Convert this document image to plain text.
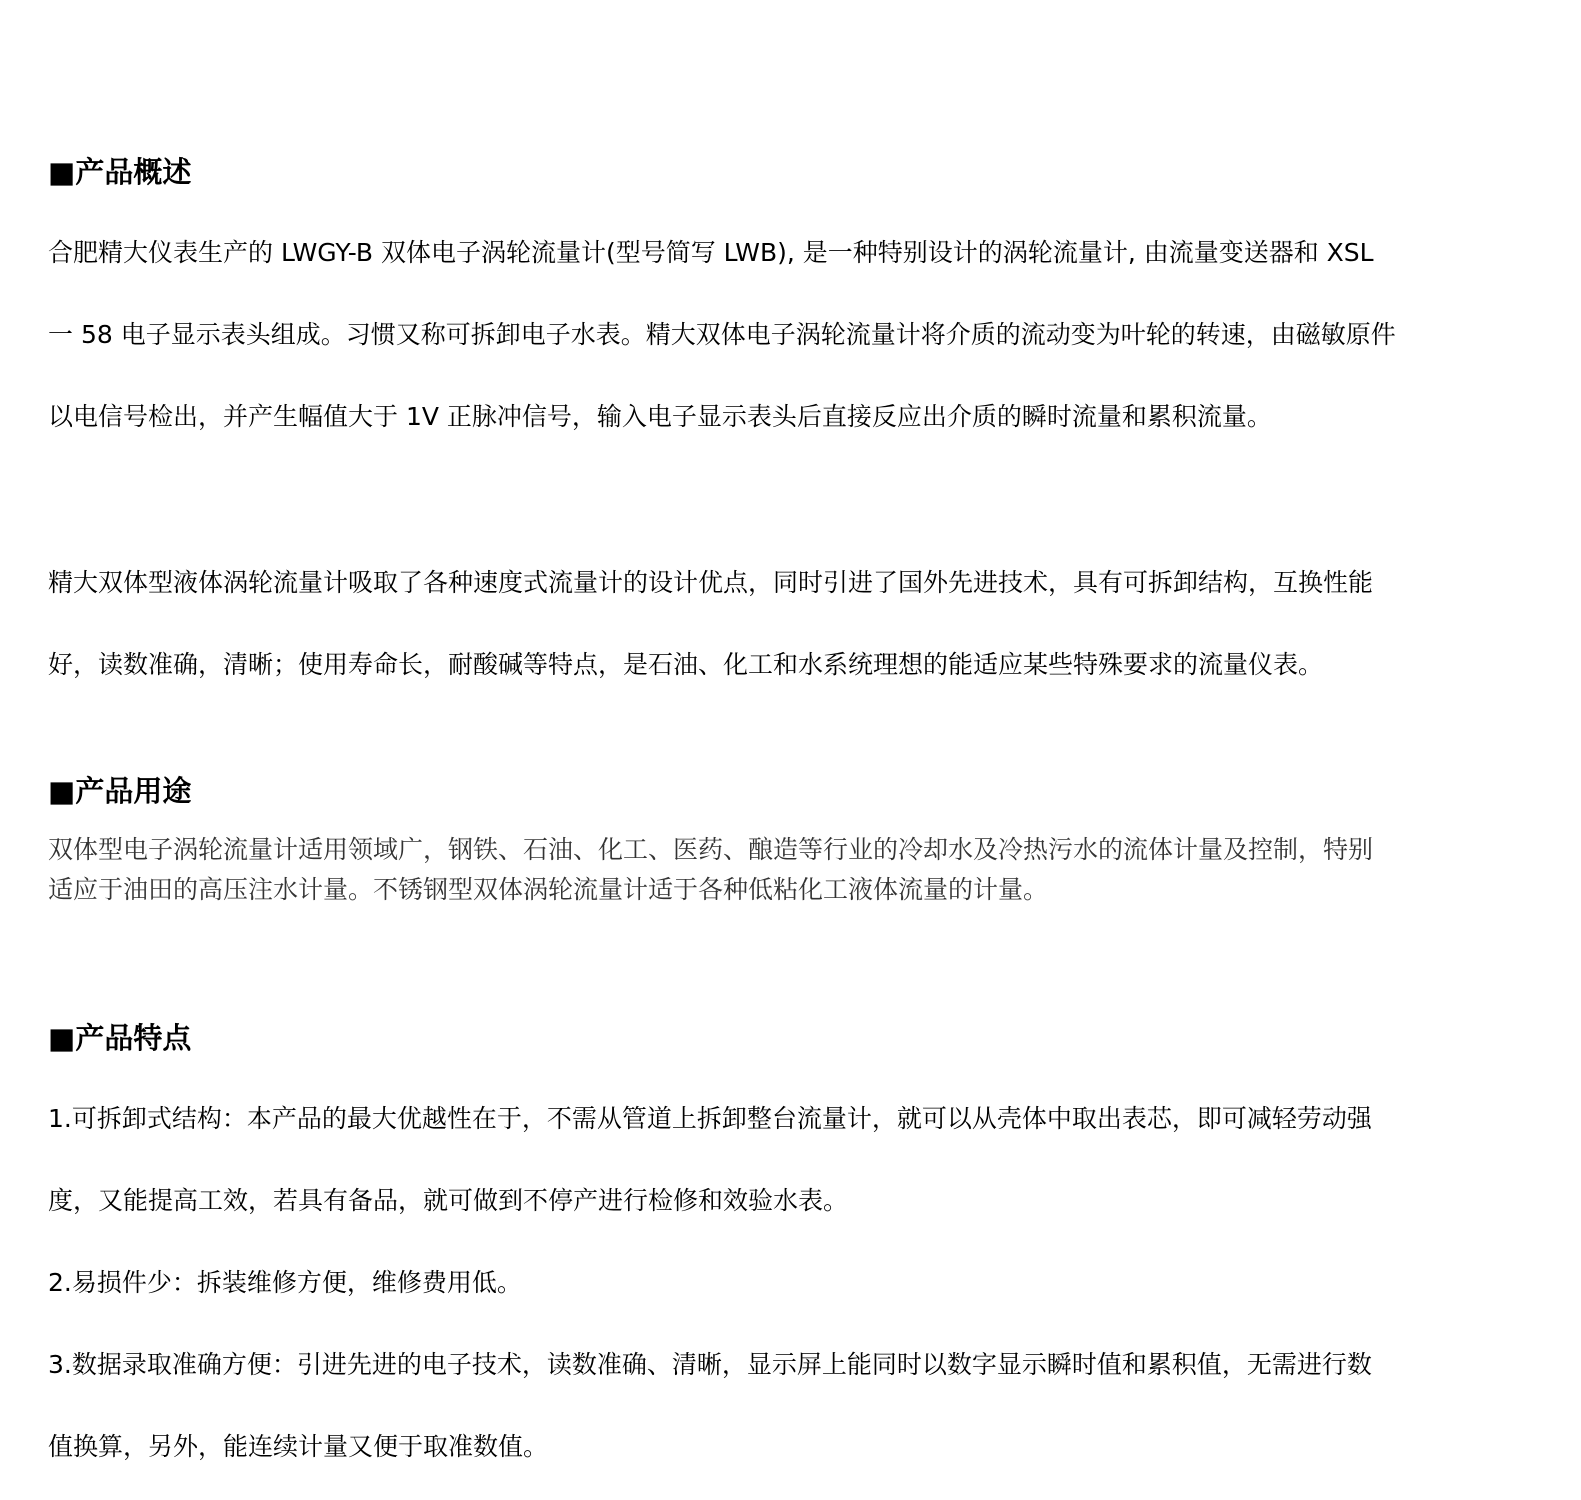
■产品概述
合肥精大仪表生产的 LWGY-B 双体电子涡轮流量计(型号简写 LWB), 是一种特别设计的涡轮流量计, 由流量变送器和 XSL
一 58 电子显示表头组成。习惯又称可拆卸电子水表。精大双体电子涡轮流量计将介质的流动变为叶轮的转速，由磁敏原件
以电信号检出，并产生幅值大于 1V 正脉冲信号，输入电子显示表头后直接反应出介质的瞬时流量和累积流量。
精大双体型液体涡轮流量计吸取了各种速度式流量计的设计优点，同时引进了国外先进技术，具有可拆卸结构，互换性能
好，读数准确，清晰；使用寿命长，耐酸碱等特点，是石油、化工和水系统理想的能适应某些特殊要求的流量仪表。
■产品用途
双体型电子涡轮流量计适用领域广，钢铁、石油、化工、医药、酿造等行业的冷却水及冷热污水的流体计量及控制，特别
适应于油田的高压注水计量。不锈钢型双体涡轮流量计适于各种低粘化工液体流量的计量。
■产品特点
1.可拆卸式结构：本产品的最大优越性在于，不需从管道上拆卸整台流量计，就可以从壳体中取出表芯，即可减轻劳动强
度，又能提高工效，若具有备品，就可做到不停产进行检修和效验水表。
2.易损件少：拆装维修方便，维修费用低。
3.数据录取准确方便：引进先进的电子技术，读数准确、清晰，显示屏上能同时以数字显示瞬时值和累积值，无需进行数
值换算，另外，能连续计量又便于取准数值。
